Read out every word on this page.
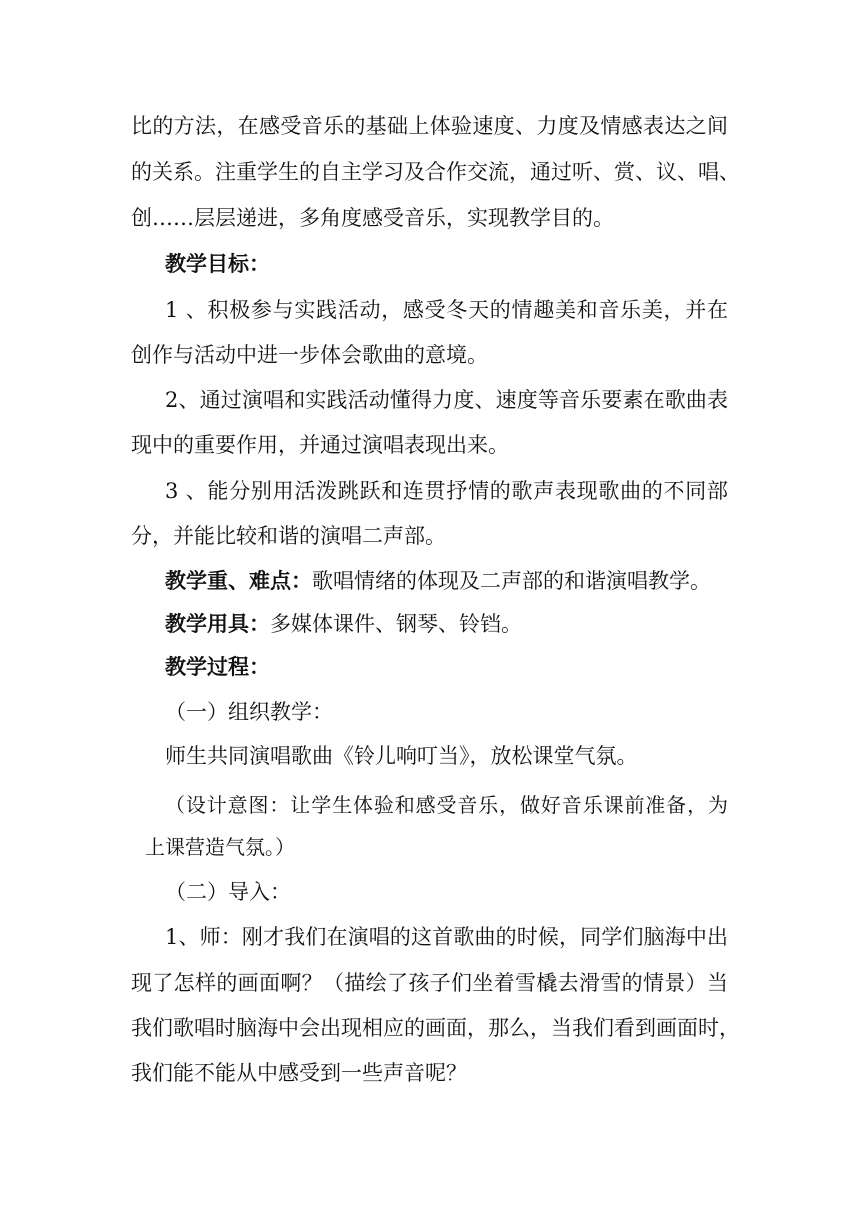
比的方法，在感受音乐的基础上体验速度、力度及情感表达之间
的关系。注重学生的自主学习及合作交流，通过听、赏、议、唱、
创……层层递进，多角度感受音乐，实现教学目的。
教学目标：
1 、积极参与实践活动，感受冬天的情趣美和音乐美，并在
创作与活动中进一步体会歌曲的意境。
2、通过演唱和实践活动懂得力度、速度等音乐要素在歌曲表
现中的重要作用，并通过演唱表现出来。
3 、能分别用活泼跳跃和连贯抒情的歌声表现歌曲的不同部
分，并能比较和谐的演唱二声部。
教学重、难点：歌唱情绪的体现及二声部的和谐演唱教学。
教学用具：多媒体课件、钢琴、铃铛。
教学过程：
（一）组织教学：
师生共同演唱歌曲《铃儿响叮当》，放松课堂气氛。
（设计意图：让学生体验和感受音乐，做好音乐课前准备，为
上课营造气氛。）
（二）导入：
1、师：刚才我们在演唱的这首歌曲的时候，同学们脑海中出
现了怎样的画面啊？（描绘了孩子们坐着雪橇去滑雪的情景）当
我们歌唱时脑海中会出现相应的画面，那么，当我们看到画面时，
我们能不能从中感受到一些声音呢？
